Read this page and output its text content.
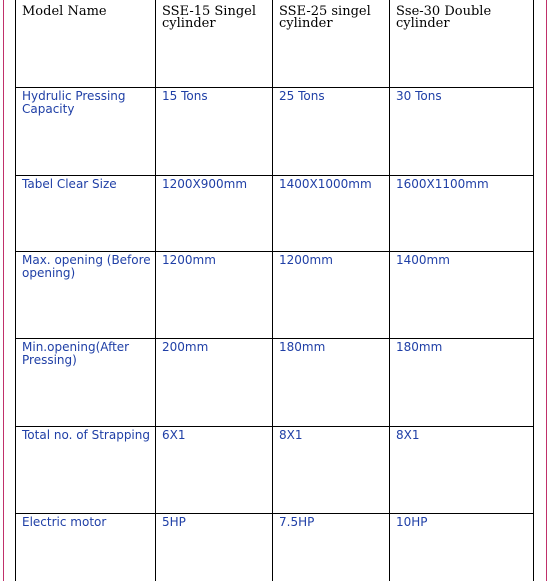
Model Name	SSE-15 Singel cylinder	SSE-25 singel cylinder	Sse-30 Double cylinder
Hydrulic Pressing Capacity	15 Tons	25 Tons	30 Tons
Tabel Clear Size	1200X900mm	1400X1000mm	1600X1100mm
Max. opening (Before opening)	1200mm	1200mm	1400mm
Min.opening(After Pressing)	200mm	180mm	180mm
Total no. of Strapping	6X1	8X1	8X1
Electric motor	5HP	7.5HP	10HP
